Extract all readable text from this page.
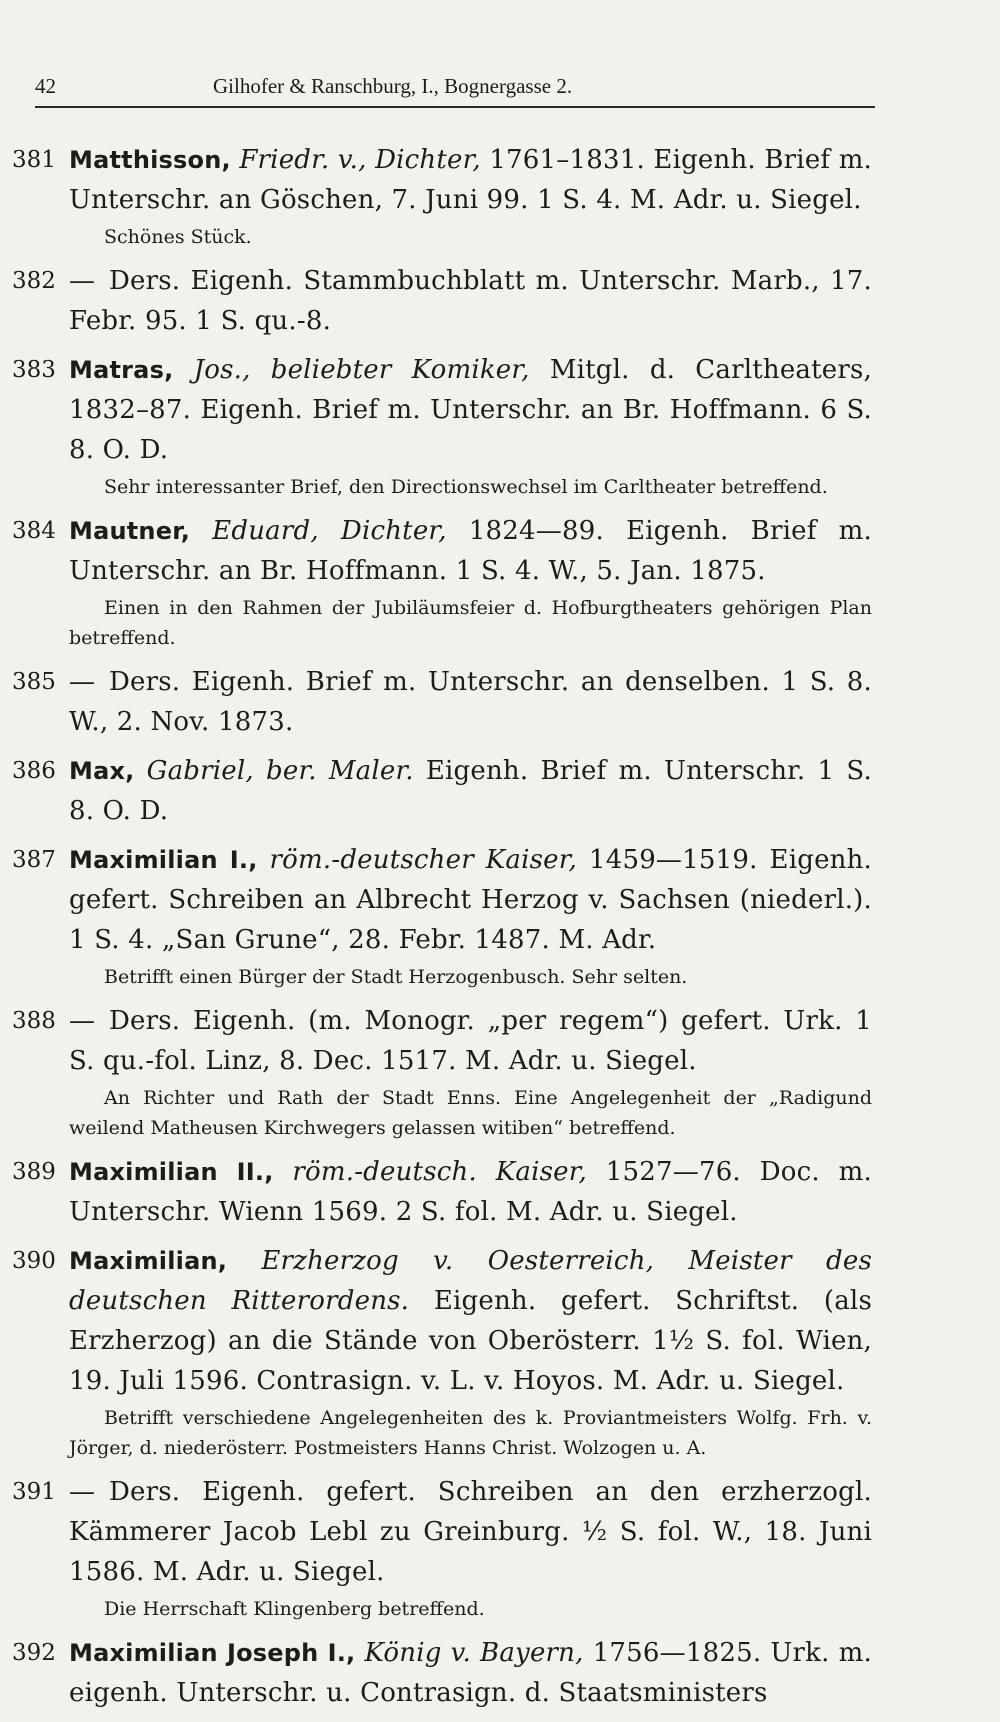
42	Gilhofer & Ranschburg, I., Bognergasse 2.
381 Matthisson, Friedr. v., Dichter, 1761–1831. Eigenh. Brief m. Unterschr. an Göschen, 7. Juni 99. 1 S. 4. M. Adr. u. Siegel.
Schönes Stück.
382 — Ders. Eigenh. Stammbuchblatt m. Unterschr. Marb., 17. Febr. 95. 1 S. qu.-8.
383 Matras, Jos., beliebter Komiker, Mitgl. d. Carltheaters, 1832–87. Eigenh. Brief m. Unterschr. an Br. Hoffmann. 6 S. 8. O. D.
Sehr interessanter Brief, den Directionswechsel im Carltheater betreffend.
384 Mautner, Eduard, Dichter, 1824—89. Eigenh. Brief m. Unterschr. an Br. Hoffmann. 1 S. 4. W., 5. Jan. 1875.
Einen in den Rahmen der Jubiläumsfeier d. Hofburgtheaters gehörigen Plan betreffend.
385 — Ders. Eigenh. Brief m. Unterschr. an denselben. 1 S. 8. W., 2. Nov. 1873.
386 Max, Gabriel, ber. Maler. Eigenh. Brief m. Unterschr. 1 S. 8. O. D.
387 Maximilian I., röm.-deutscher Kaiser, 1459—1519. Eigenh. gefert. Schreiben an Albrecht Herzog v. Sachsen (niederl.). 1 S. 4. „San Grune“, 28. Febr. 1487. M. Adr.
Betrifft einen Bürger der Stadt Herzogenbusch. Sehr selten.
388 — Ders. Eigenh. (m. Monogr. „per regem“) gefert. Urk. 1 S. qu.-fol. Linz, 8. Dec. 1517. M. Adr. u. Siegel.
An Richter und Rath der Stadt Enns. Eine Angelegenheit der „Radigund weilend Matheusen Kirchwegers gelassen witiben“ betreffend.
389 Maximilian II., röm.-deutsch. Kaiser, 1527—76. Doc. m. Unterschr. Wienn 1569. 2 S. fol. M. Adr. u. Siegel.
390 Maximilian, Erzherzog v. Oesterreich, Meister des deutschen Ritterordens. Eigenh. gefert. Schriftst. (als Erzherzog) an die Stände von Oberösterr. 1½ S. fol. Wien, 19. Juli 1596. Contrasign. v. L. v. Hoyos. M. Adr. u. Siegel.
Betrifft verschiedene Angelegenheiten des k. Proviantmeisters Wolfg. Frh. v. Jörger, d. niederösterr. Postmeisters Hanns Christ. Wolzogen u. A.
391 — Ders. Eigenh. gefert. Schreiben an den erzherzogl. Kämmerer Jacob Lebl zu Greinburg. ½ S. fol. W., 18. Juni 1586. M. Adr. u. Siegel.
Die Herrschaft Klingenberg betreffend.
392 Maximilian Joseph I., König v. Bayern, 1756—1825. Urk. m. eigenh. Unterschr. u. Contrasign. d. Staatsministers
